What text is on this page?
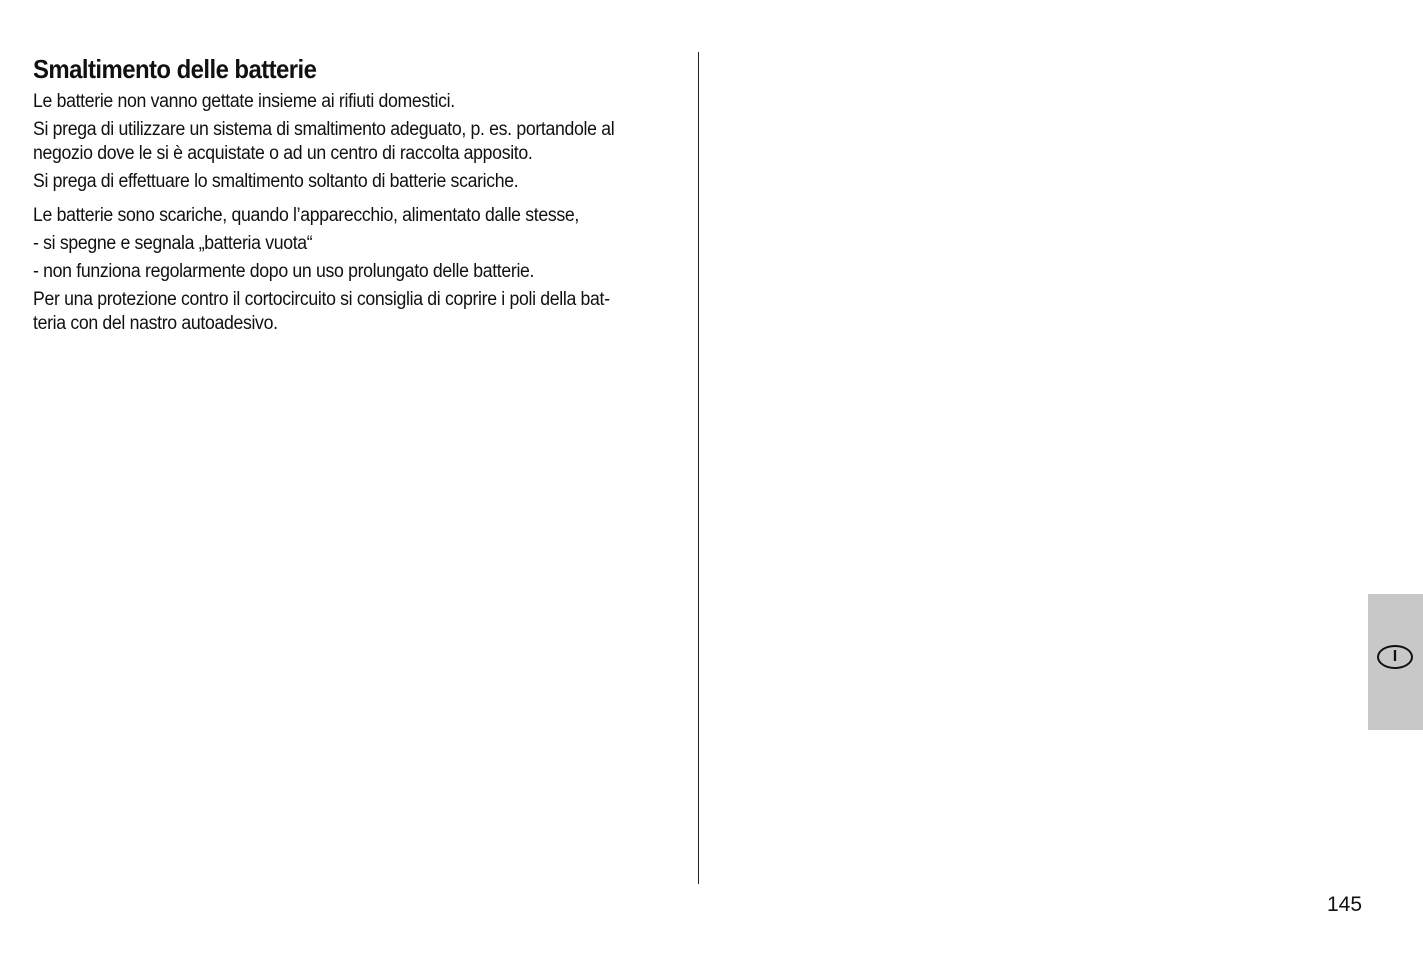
Smaltimento delle batterie

Le batterie non vanno gettate insieme ai rifiuti domestici.

Si prega di utilizzare un sistema di smaltimento adeguato, p. es. portandole al
negozio dove le si è acquistate o ad un centro di raccolta apposito.

Si prega di effettuare lo smaltimento soltanto di batterie scariche.

Le batterie sono scariche, quando l’apparecchio, alimentato dalle stesse,

- si spegne e segnala „batteria vuota“

- non funziona regolarmente dopo un uso prolungato delle batterie.

Per una protezione contro il cortocircuito si consiglia di coprire i poli della bat-
teria con del nastro autoadesivo.

I
145
